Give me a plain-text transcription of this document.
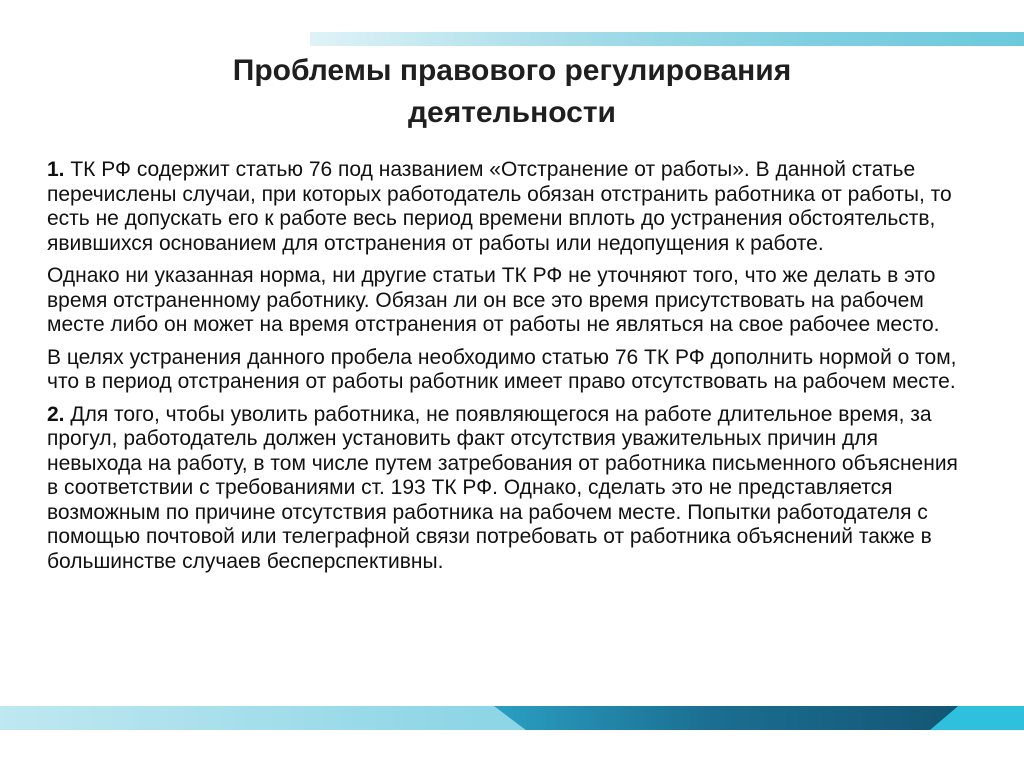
Проблемы правового регулирования деятельности

1. ТК РФ содержит статью 76 под названием «Отстранение от работы». В данной статье перечислены случаи, при которых работодатель обязан отстранить работника от работы, то есть не допускать его к работе весь период времени вплоть до устранения обстоятельств, явившихся основанием для отстранения от работы или недопущения к работе.

Однако ни указанная норма, ни другие статьи ТК РФ не уточняют того, что же делать в это время отстраненному работнику. Обязан ли он все это время присутствовать на рабочем месте либо он может на время отстранения от работы не являться на свое рабочее место.

В целях устранения данного пробела необходимо статью 76 ТК РФ дополнить нормой о том, что в период отстранения от работы работник имеет право отсутствовать на рабочем месте.

2. Для того, чтобы уволить работника, не появляющегося на работе длительное время, за прогул, работодатель должен установить факт отсутствия уважительных причин для невыхода на работу, в том числе путем затребования от работника письменного объяснения в соответствии с требованиями ст. 193 ТК РФ. Однако, сделать это не представляется возможным по причине отсутствия работника на рабочем месте. Попытки работодателя с помощью почтовой или телеграфной связи потребовать от работника объяснений также в большинстве случаев бесперспективны.
